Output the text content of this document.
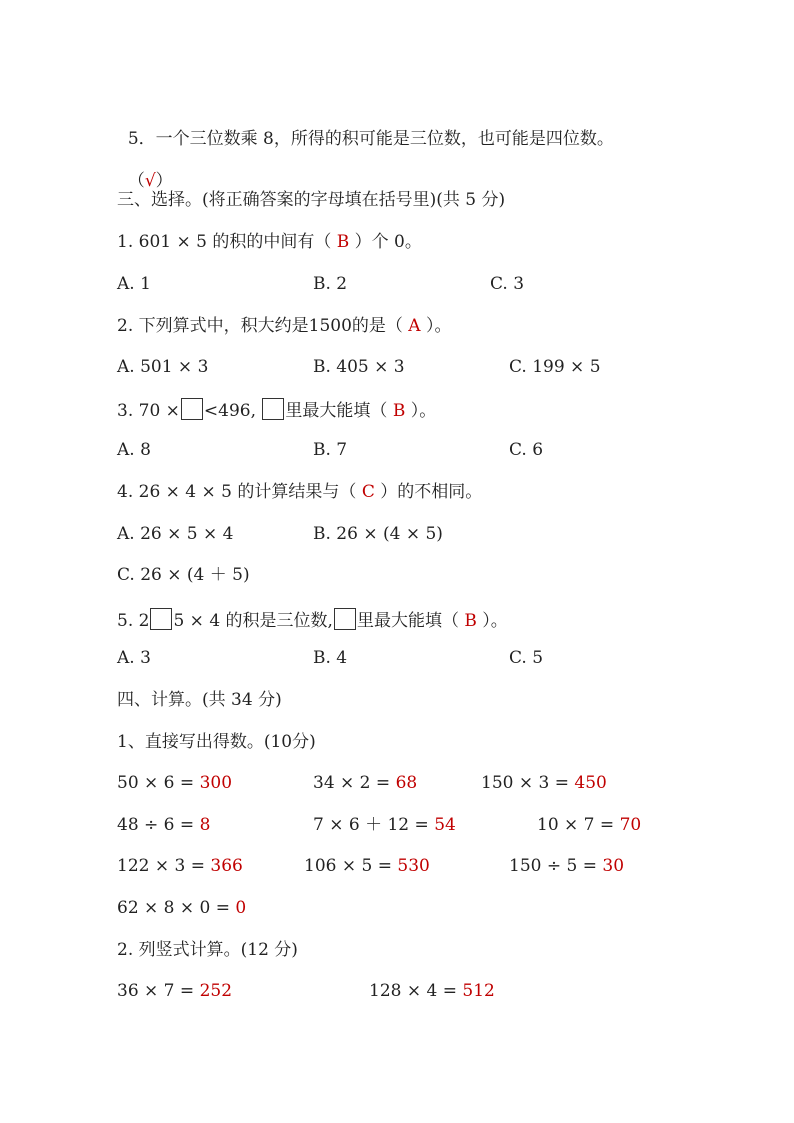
5．一个三位数乘 8，所得的积可能是三位数，也可能是四位数。

（√）

三、选择。(将正确答案的字母填在括号里)(共 5 分)
1. 601 × 5 的积的中间有（ B ）个 0。
A. 1	B. 2	C. 3
2. 下列算式中，积大约是1500的是（ A ）。
A. 501 × 3	B. 405 × 3	C. 199 × 5
3. 70 × <496, 里最大能填（ B ）。
A. 8	B. 7	C. 6
4. 26 × 4 × 5 的计算结果与（ C ）的不相同。
A. 26 × 5 × 4	B. 26 × (4 × 5)
C. 26 × (4 ＋ 5)
5. 2 5 × 4 的积是三位数, 里最大能填（ B ）。
A. 3	B. 4	C. 5
四、计算。(共 34 分)
1、直接写出得数。(10分)
50 × 6 = 300	34 × 2 = 68	150 × 3 = 450
48 ÷ 6 = 8	7 × 6 ＋ 12 = 54	10 × 7 = 70
122 × 3 = 366	106 × 5 = 530	150 ÷ 5 = 30
62 × 8 × 0 = 0
2. 列竖式计算。(12 分)
36 × 7 = 252	128 × 4 = 512
